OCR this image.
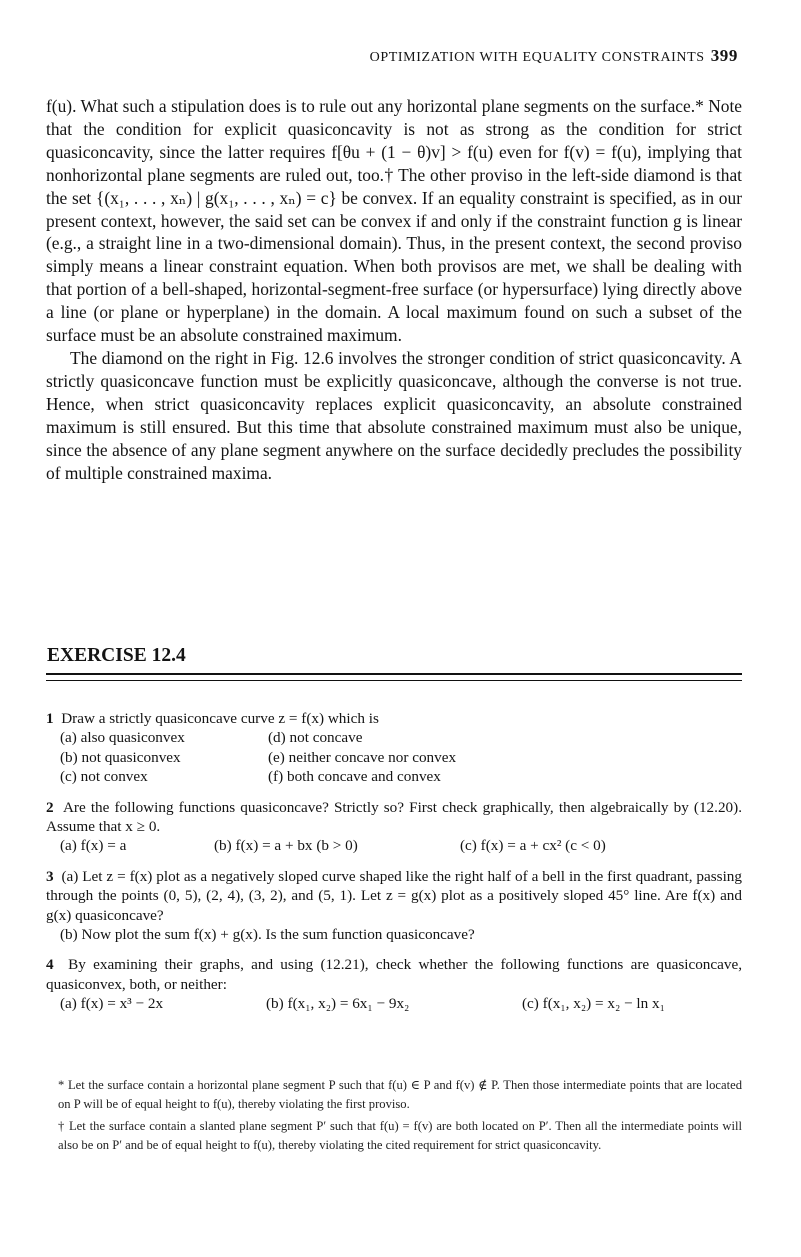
OPTIMIZATION WITH EQUALITY CONSTRAINTS 399

f(u). What such a stipulation does is to rule out any horizontal plane segments on the surface.* Note that the condition for explicit quasiconcavity is not as strong as the condition for strict quasiconcavity, since the latter requires f[θu + (1 − θ)v] > f(u) even for f(v) = f(u), implying that nonhorizontal plane segments are ruled out, too.† The other proviso in the left-side diamond is that the set {(x₁, . . . , xₙ) | g(x₁, . . . , xₙ) = c} be convex. If an equality constraint is specified, as in our present context, however, the said set can be convex if and only if the constraint function g is linear (e.g., a straight line in a two-dimensional domain). Thus, in the present context, the second proviso simply means a linear constraint equation. When both provisos are met, we shall be dealing with that portion of a bell-shaped, horizontal-segment-free surface (or hypersurface) lying directly above a line (or plane or hyperplane) in the domain. A local maximum found on such a subset of the surface must be an absolute constrained maximum.

The diamond on the right in Fig. 12.6 involves the stronger condition of strict quasiconcavity. A strictly quasiconcave function must be explicitly quasiconcave, although the converse is not true. Hence, when strict quasiconcavity replaces explicit quasiconcavity, an absolute constrained maximum is still ensured. But this time that absolute constrained maximum must also be unique, since the absence of any plane segment anywhere on the surface decidedly precludes the possibility of multiple constrained maxima.

EXERCISE 12.4
1 Draw a strictly quasiconcave curve z = f(x) which is
(a) also quasiconvex	(d) not concave
(b) not quasiconvex	(e) neither concave nor convex
(c) not convex	(f) both concave and convex
2 Are the following functions quasiconcave? Strictly so? First check graphically, then algebraically by (12.20). Assume that x ≥ 0.
(a) f(x) = a	(b) f(x) = a + bx (b > 0)	(c) f(x) = a + cx² (c < 0)
3 (a) Let z = f(x) plot as a negatively sloped curve shaped like the right half of a bell in the first quadrant, passing through the points (0, 5), (2, 4), (3, 2), and (5, 1). Let z = g(x) plot as a positively sloped 45° line. Are f(x) and g(x) quasiconcave?
(b) Now plot the sum f(x) + g(x). Is the sum function quasiconcave?
4 By examining their graphs, and using (12.21), check whether the following functions are quasiconcave, quasiconvex, both, or neither:
(a) f(x) = x³ − 2x	(b) f(x₁, x₂) = 6x₁ − 9x₂	(c) f(x₁, x₂) = x₂ − ln x₁

* Let the surface contain a horizontal plane segment P such that f(u) ∈ P and f(v) ∉ P. Then those intermediate points that are located on P will be of equal height to f(u), thereby violating the first proviso.

† Let the surface contain a slanted plane segment P′ such that f(u) = f(v) are both located on P′. Then all the intermediate points will also be on P′ and be of equal height to f(u), thereby violating the cited requirement for strict quasiconcavity.
